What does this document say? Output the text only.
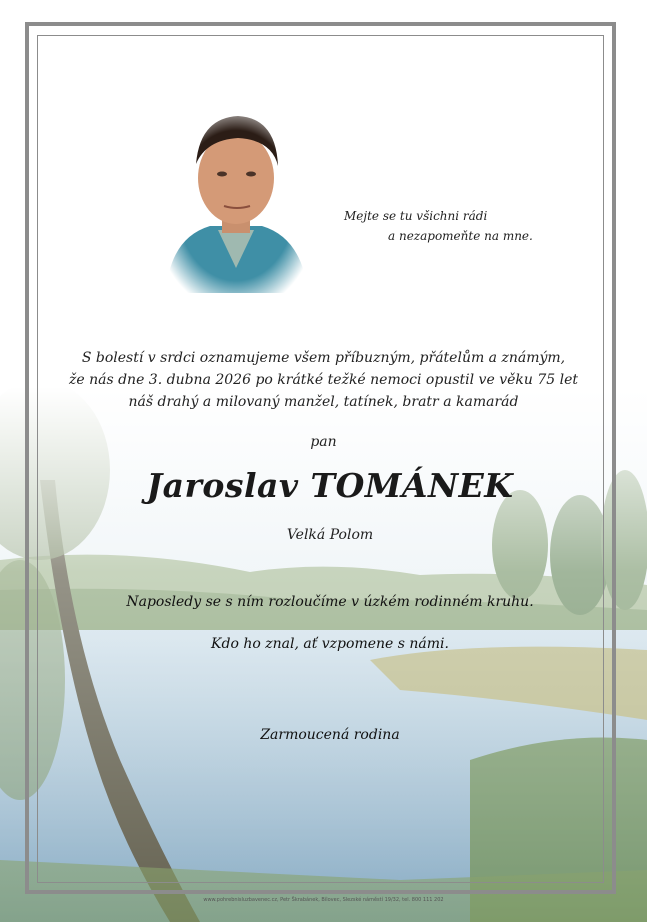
Mejte se tu všichni rádi
a nezapomeňte na mne.
S bolestí v srdci oznamujeme všem příbuzným, přátelům a známým,
že nás dne 3. dubna 2026 po krátké težké nemoci opustil ve věku 75 let
náš drahý a milovaný manžel, tatínek, bratr a kamarád
pan
Jaroslav TOMÁNEK
Velká Polom
Naposledy se s ním rozloučíme v úzkém rodinném kruhu.
Kdo ho znal, ať vzpomene s námi.
Zarmoucená rodina
www.pohrebnisluzbavenec.cz, Petr Škrabánek, Bílovec, Slezské náměstí 19/32, tel. 800 111 202
